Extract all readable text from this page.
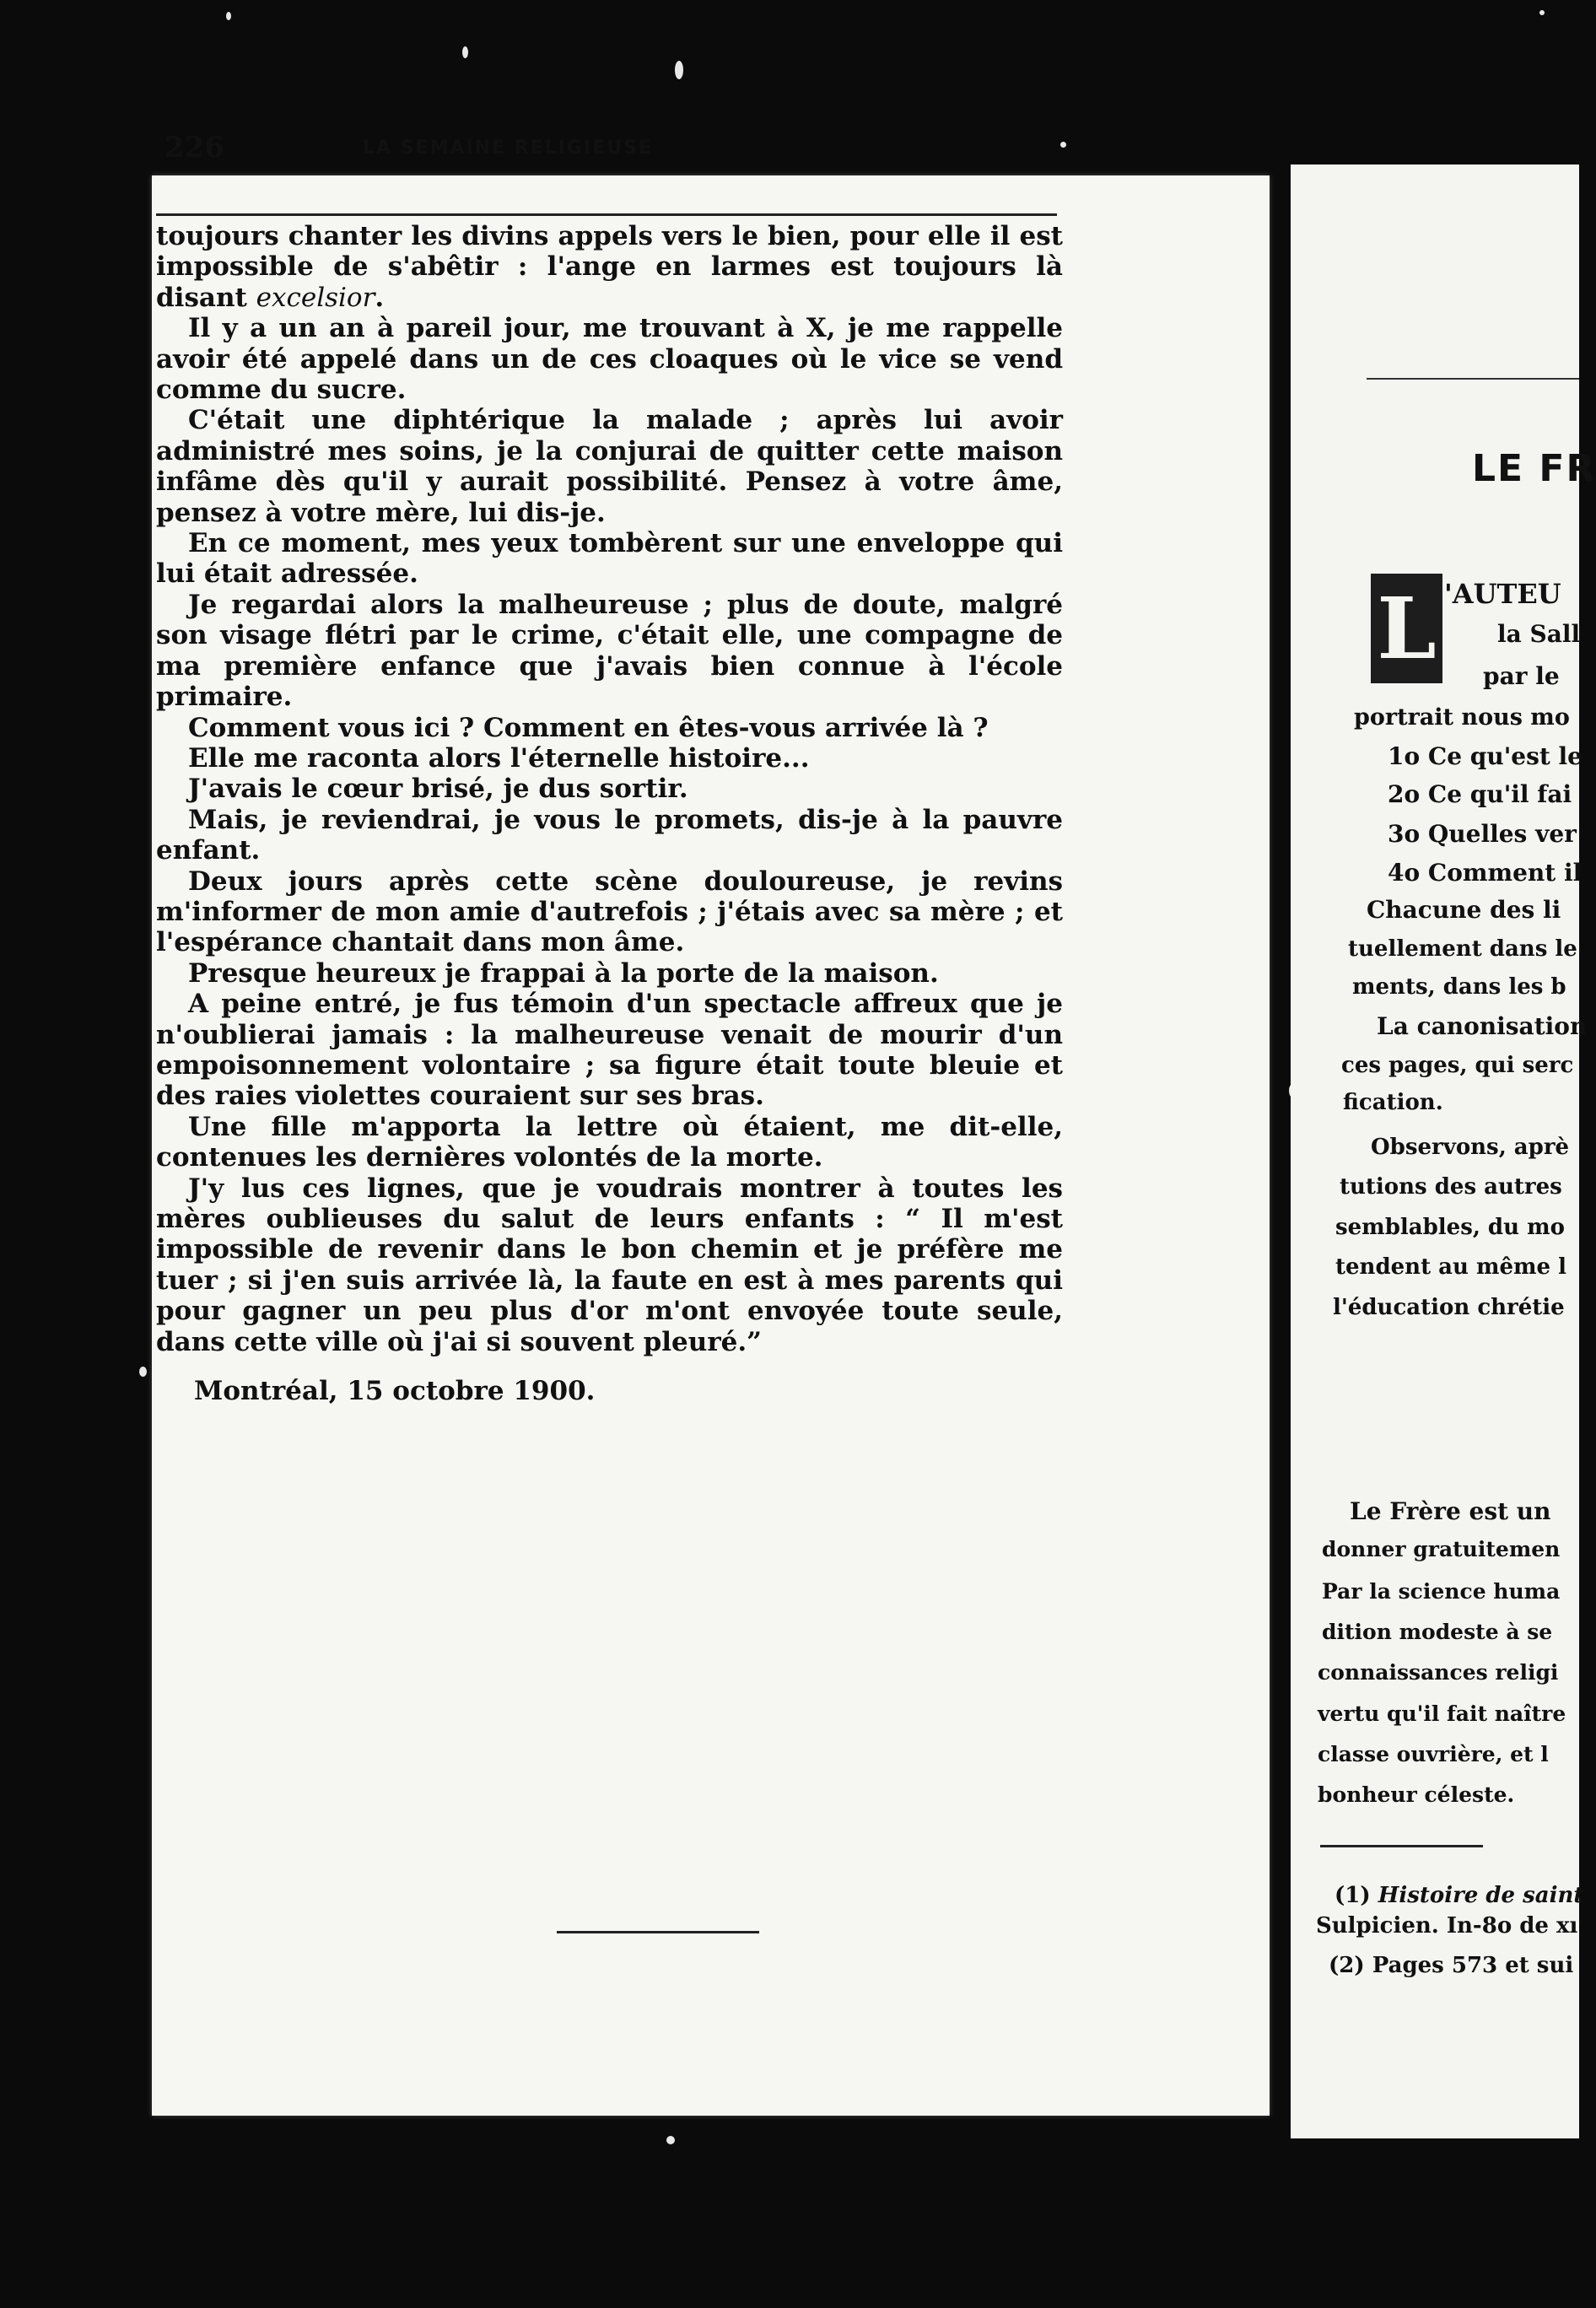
226	LA SEMAINE RELIGIEUSE

toujours chanter les divins appels vers le bien, pour elle il est impossible de s'abêtir : l'ange en larmes est toujours là disant excelsior.

Il y a un an à pareil jour, me trouvant à X, je me rappelle avoir été appelé dans un de ces cloaques où le vice se vend comme du sucre.

C'était une diphtérique la malade ; après lui avoir administré mes soins, je la conjurai de quitter cette maison infâme dès qu'il y aurait possibilité. Pensez à votre âme, pensez à votre mère, lui dis-je.

En ce moment, mes yeux tombèrent sur une enveloppe qui lui était adressée.

Je regardai alors la malheureuse ; plus de doute, malgré son visage flétri par le crime, c'était elle, une compagne de ma première enfance que j'avais bien connue à l'école primaire.

Comment vous ici ? Comment en êtes-vous arrivée là ?

Elle me raconta alors l'éternelle histoire...

J'avais le cœur brisé, je dus sortir.

Mais, je reviendrai, je vous le promets, dis-je à la pauvre enfant.

Deux jours après cette scène douloureuse, je revins m'informer de mon amie d'autrefois ; j'étais avec sa mère ; et l'espérance chantait dans mon âme.

Presque heureux je frappai à la porte de la maison.

A peine entré, je fus témoin d'un spectacle affreux que je n'oublierai jamais : la malheureuse venait de mourir d'un empoisonnement volontaire ; sa figure était toute bleuie et des raies violettes couraient sur ses bras.

Une fille m'apporta la lettre où étaient, me dit-elle, contenues les dernières volontés de la morte.

J'y lus ces lignes, que je voudrais montrer à toutes les mères oublieuses du salut de leurs enfants : “ Il m'est impossible de revenir dans le bon chemin et je préfère me tuer ; si j'en suis arrivée là, la faute en est à mes parents qui pour gagner un peu plus d'or m'ont envoyée toute seule, dans cette ville où j'ai si souvent pleuré.”

Montréal, 15 octobre 1900.

LE FR
L 'AUTEU
la Sall
par le
portrait nous mo
1o Ce qu'est le
2o Ce qu'il fai
3o Quelles ver
4o Comment il
Chacune des li
tuellement dans le
ments, dans les b
La canonisation
ces pages, qui serc
fication.
Observons, aprè
tutions des autres
semblables, du mo
tendent au même l
l'éducation chrétie
Le Frère est un
donner gratuitemen
Par la science huma
dition modeste à se
connaissances religi
vertu qu'il fait naître
classe ouvrière, et l
bonheur céleste.
(1) Histoire de saint
Sulpicien. In-8o de xı
(2) Pages 573 et sui
